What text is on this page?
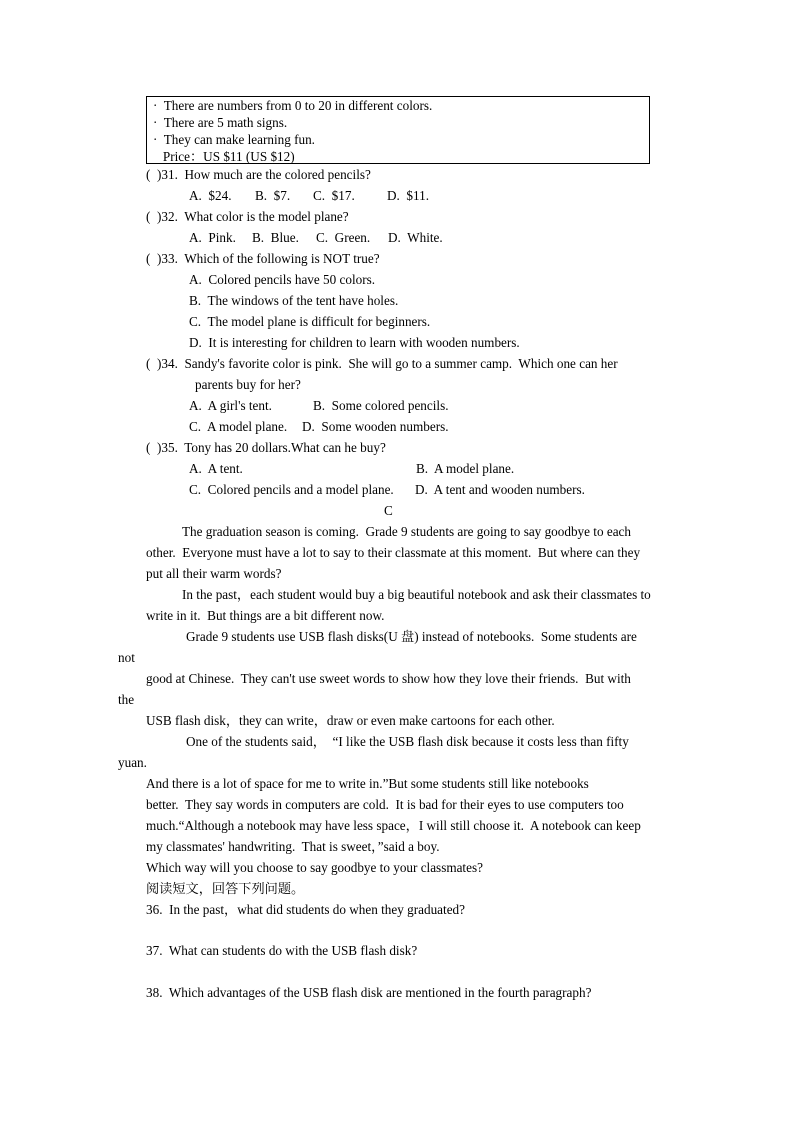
·  There are numbers from 0 to 20 in different colors.
·  There are 5 math signs.
·  They can make learning fun.
Price：US $11 (US $12)
(  )31.  How much are the colored pencils?
A.  $24. B.  $7. C.  $17. D.  $11.
(  )32.  What color is the model plane?
A.  Pink. B.  Blue. C.  Green. D.  White.
(  )33.  Which of the following is NOT true?
A.  Colored pencils have 50 colors.
B.  The windows of the tent have holes.
C.  The model plane is difficult for beginners.
D.  It is interesting for children to learn with wooden numbers.
(  )34.  Sandy's favorite color is pink.  She will go to a summer camp.  Which one can her
parents buy for her?
A.  A girl's tent.	B.  Some colored pencils.
C.  A model plane. D.  Some wooden numbers.
(  )35.  Tony has 20 dollars.What can he buy?
A.  A tent.	B.  A model plane.
C.  Colored pencils and a model plane. D.  A tent and wooden numbers.
C
The graduation season is coming.  Grade 9 students are going to say goodbye to each
other.  Everyone must have a lot to say to their classmate at this moment.  But where can they
put all their warm words?
In the past，each student would buy a big beautiful notebook and ask their classmates to
write in it.  But things are a bit different now.
Grade 9 students use USB flash disks(U 盘) instead of notebooks.  Some students are
not
good at Chinese.  They can't use sweet words to show how they love their friends.  But with
the
USB flash disk，they can write，draw or even make cartoons for each other.
One of the students said，  “I like the USB flash disk because it costs less than fifty
yuan.
And there is a lot of space for me to write in.”But some students still like notebooks
better.  They say words in computers are cold.  It is bad for their eyes to use computers too
much.“Although a notebook may have less space，I will still choose it.  A notebook can keep
my classmates' handwriting.  That is sweet，”said a boy.
Which way will you choose to say goodbye to your classmates?
阅读短文，回答下列问题。
36.  In the past，what did students do when they graduated?
37.  What can students do with the USB flash disk?
38.  Which advantages of the USB flash disk are mentioned in the fourth paragraph?
